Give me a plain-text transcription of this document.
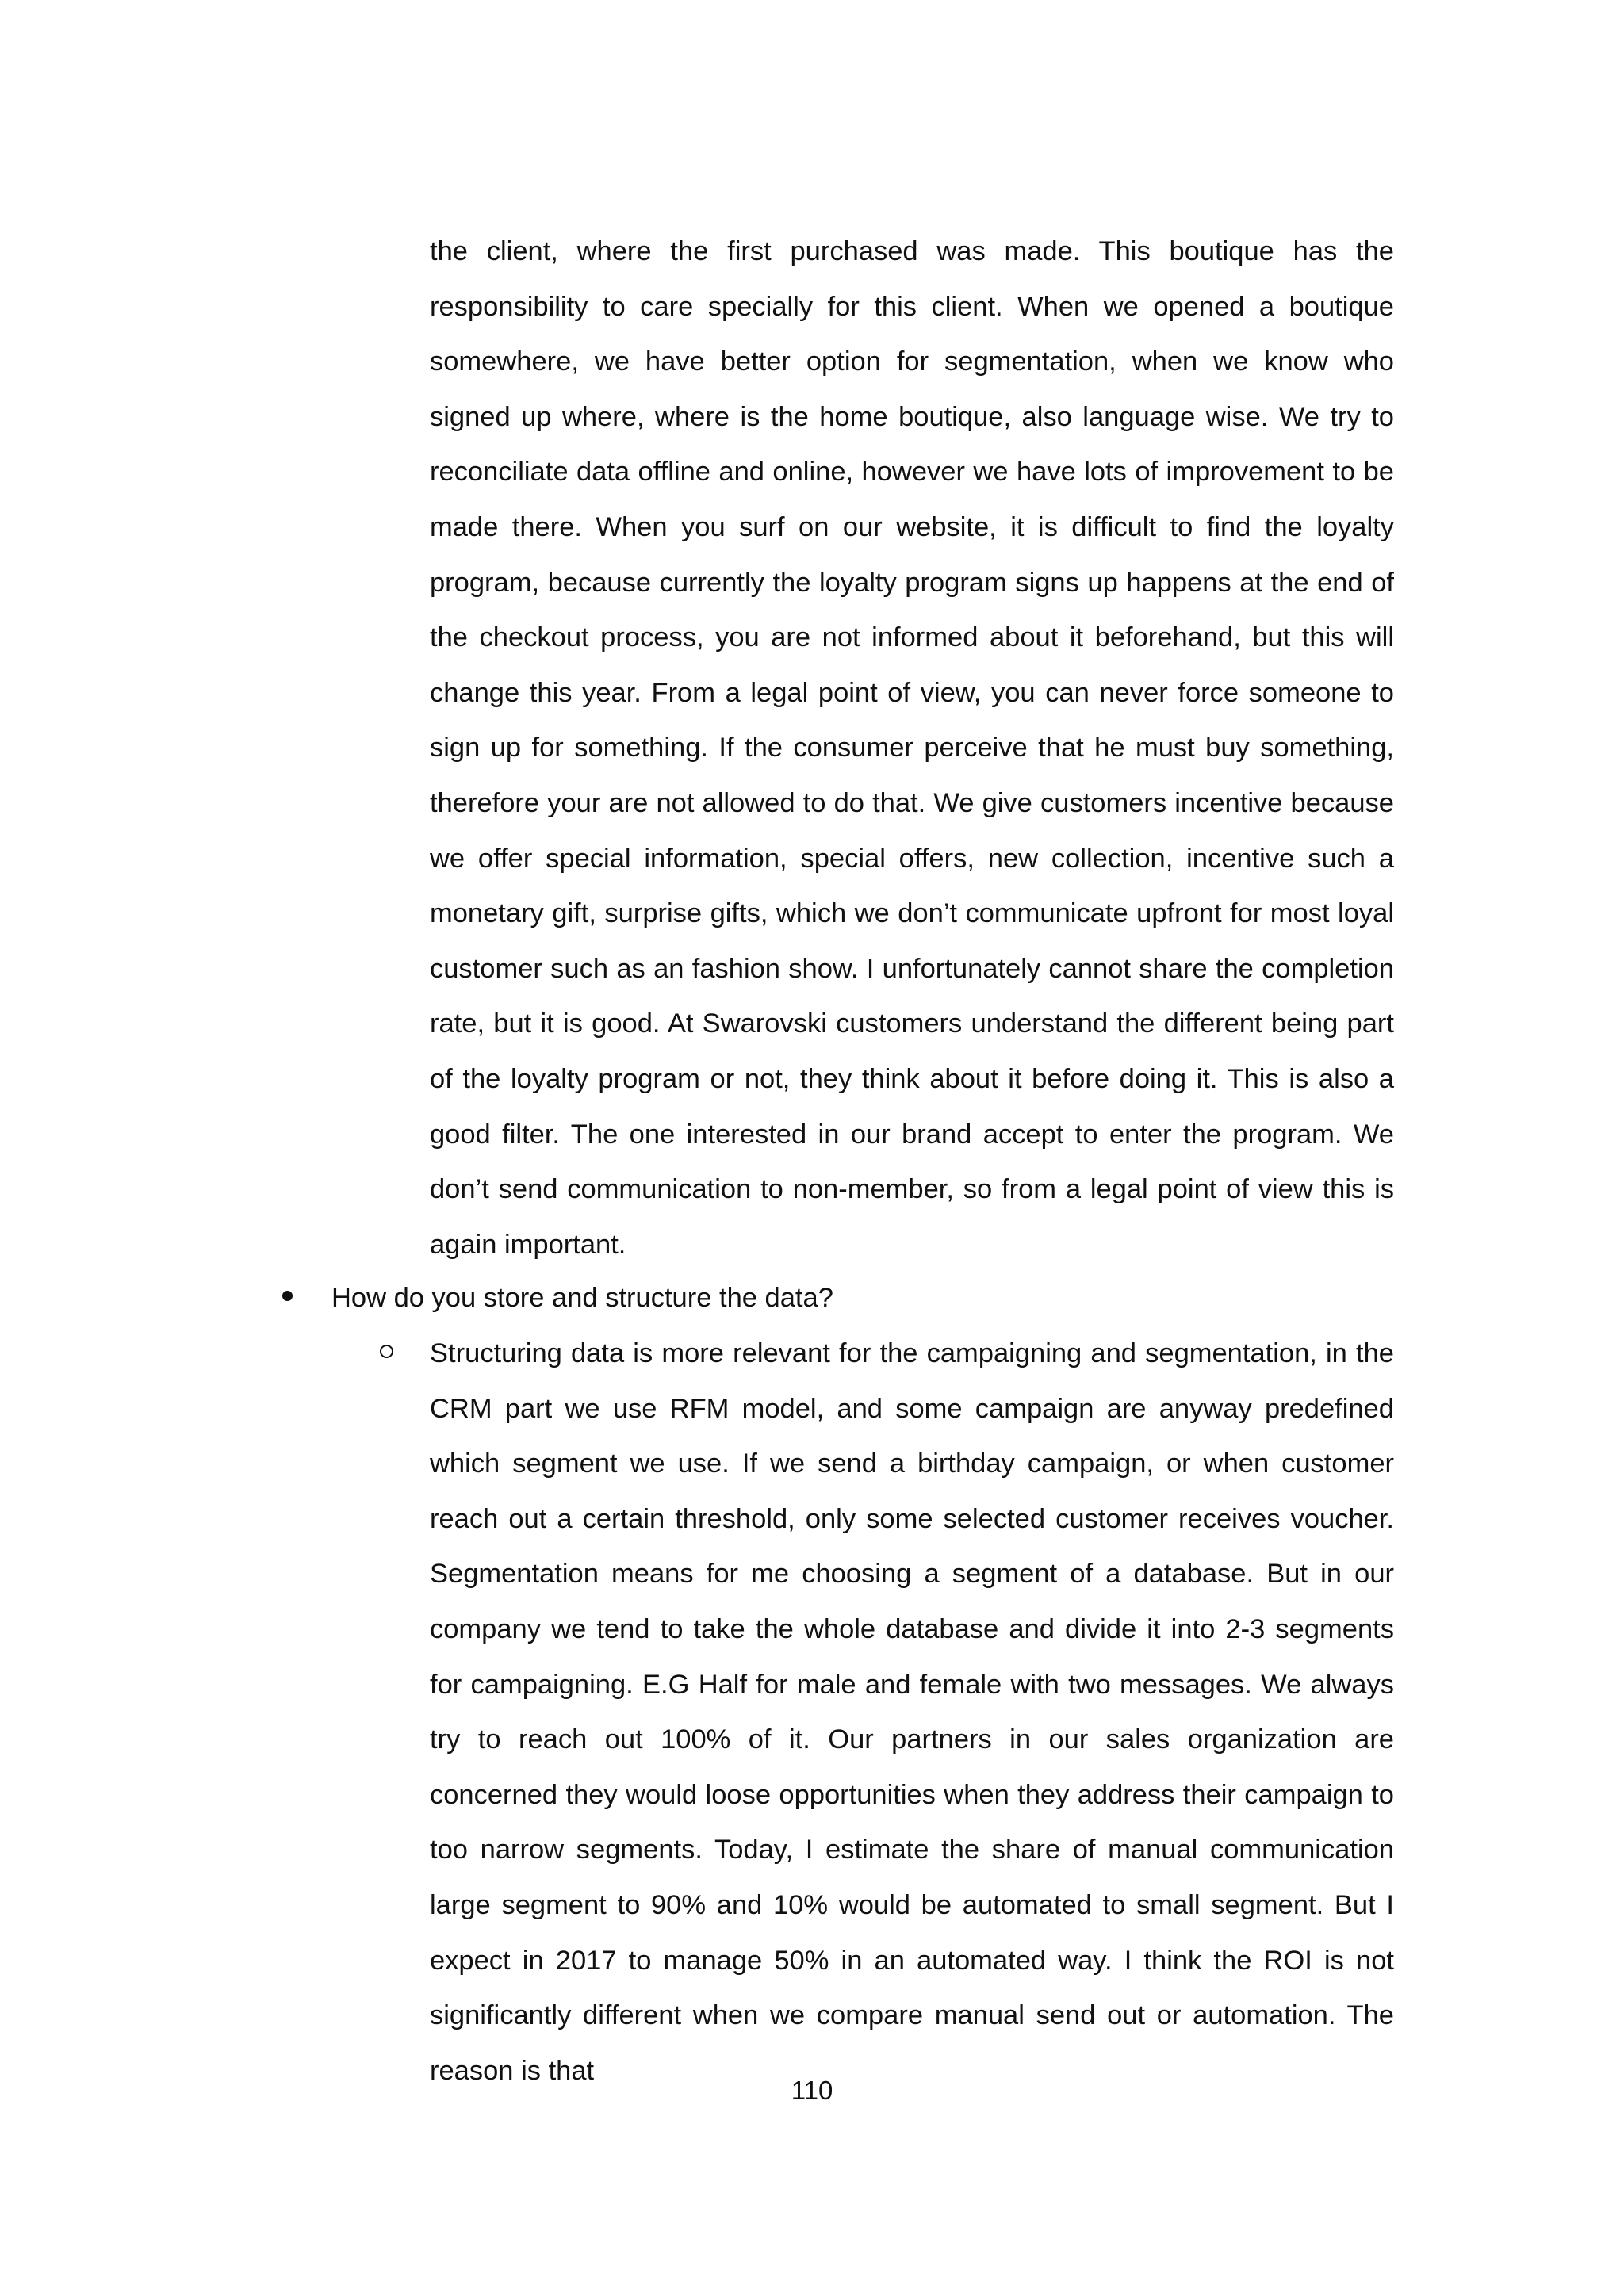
the client, where the first purchased was made. This boutique has the responsibility to care specially for this client. When we opened a boutique somewhere, we have better option for segmentation, when we know who signed up where, where is the home boutique, also language wise. We try to reconciliate data offline and online, however we have lots of improvement to be made there. When you surf on our website, it is difficult to find the loyalty program, because currently the loyalty program signs up happens at the end of the checkout process, you are not informed about it beforehand, but this will change this year. From a legal point of view, you can never force someone to sign up for something. If the consumer perceive that he must buy something, therefore your are not allowed to do that. We give customers incentive because we offer special information, special offers, new collection, incentive such a monetary gift, surprise gifts, which we don’t communicate upfront for most loyal customer such as an fashion show. I unfortunately cannot share the completion rate, but it is good. At Swarovski customers understand the different being part of the loyalty program or not, they think about it before doing it. This is also a good filter. The one interested in our brand accept to enter the program. We don’t send communication to non-member, so from a legal point of view this is again important.

How do you store and structure the data?

Structuring data is more relevant for the campaigning and segmentation, in the CRM part we use RFM model, and some campaign are anyway predefined which segment we use. If we send a birthday campaign, or when customer reach out a certain threshold, only some selected customer receives voucher. Segmentation means for me choosing a segment of a database. But in our company we tend to take the whole database and divide it into 2-3 segments for campaigning. E.G Half for male and female with two messages. We always try to reach out 100% of it. Our partners in our sales organization are concerned they would loose opportunities when they address their campaign to too narrow segments. Today, I estimate the share of manual communication large segment to 90% and 10% would be automated to small segment. But I expect in 2017 to manage 50% in an automated way. I think the ROI is not significantly different when we compare manual send out or automation. The reason is that

110
